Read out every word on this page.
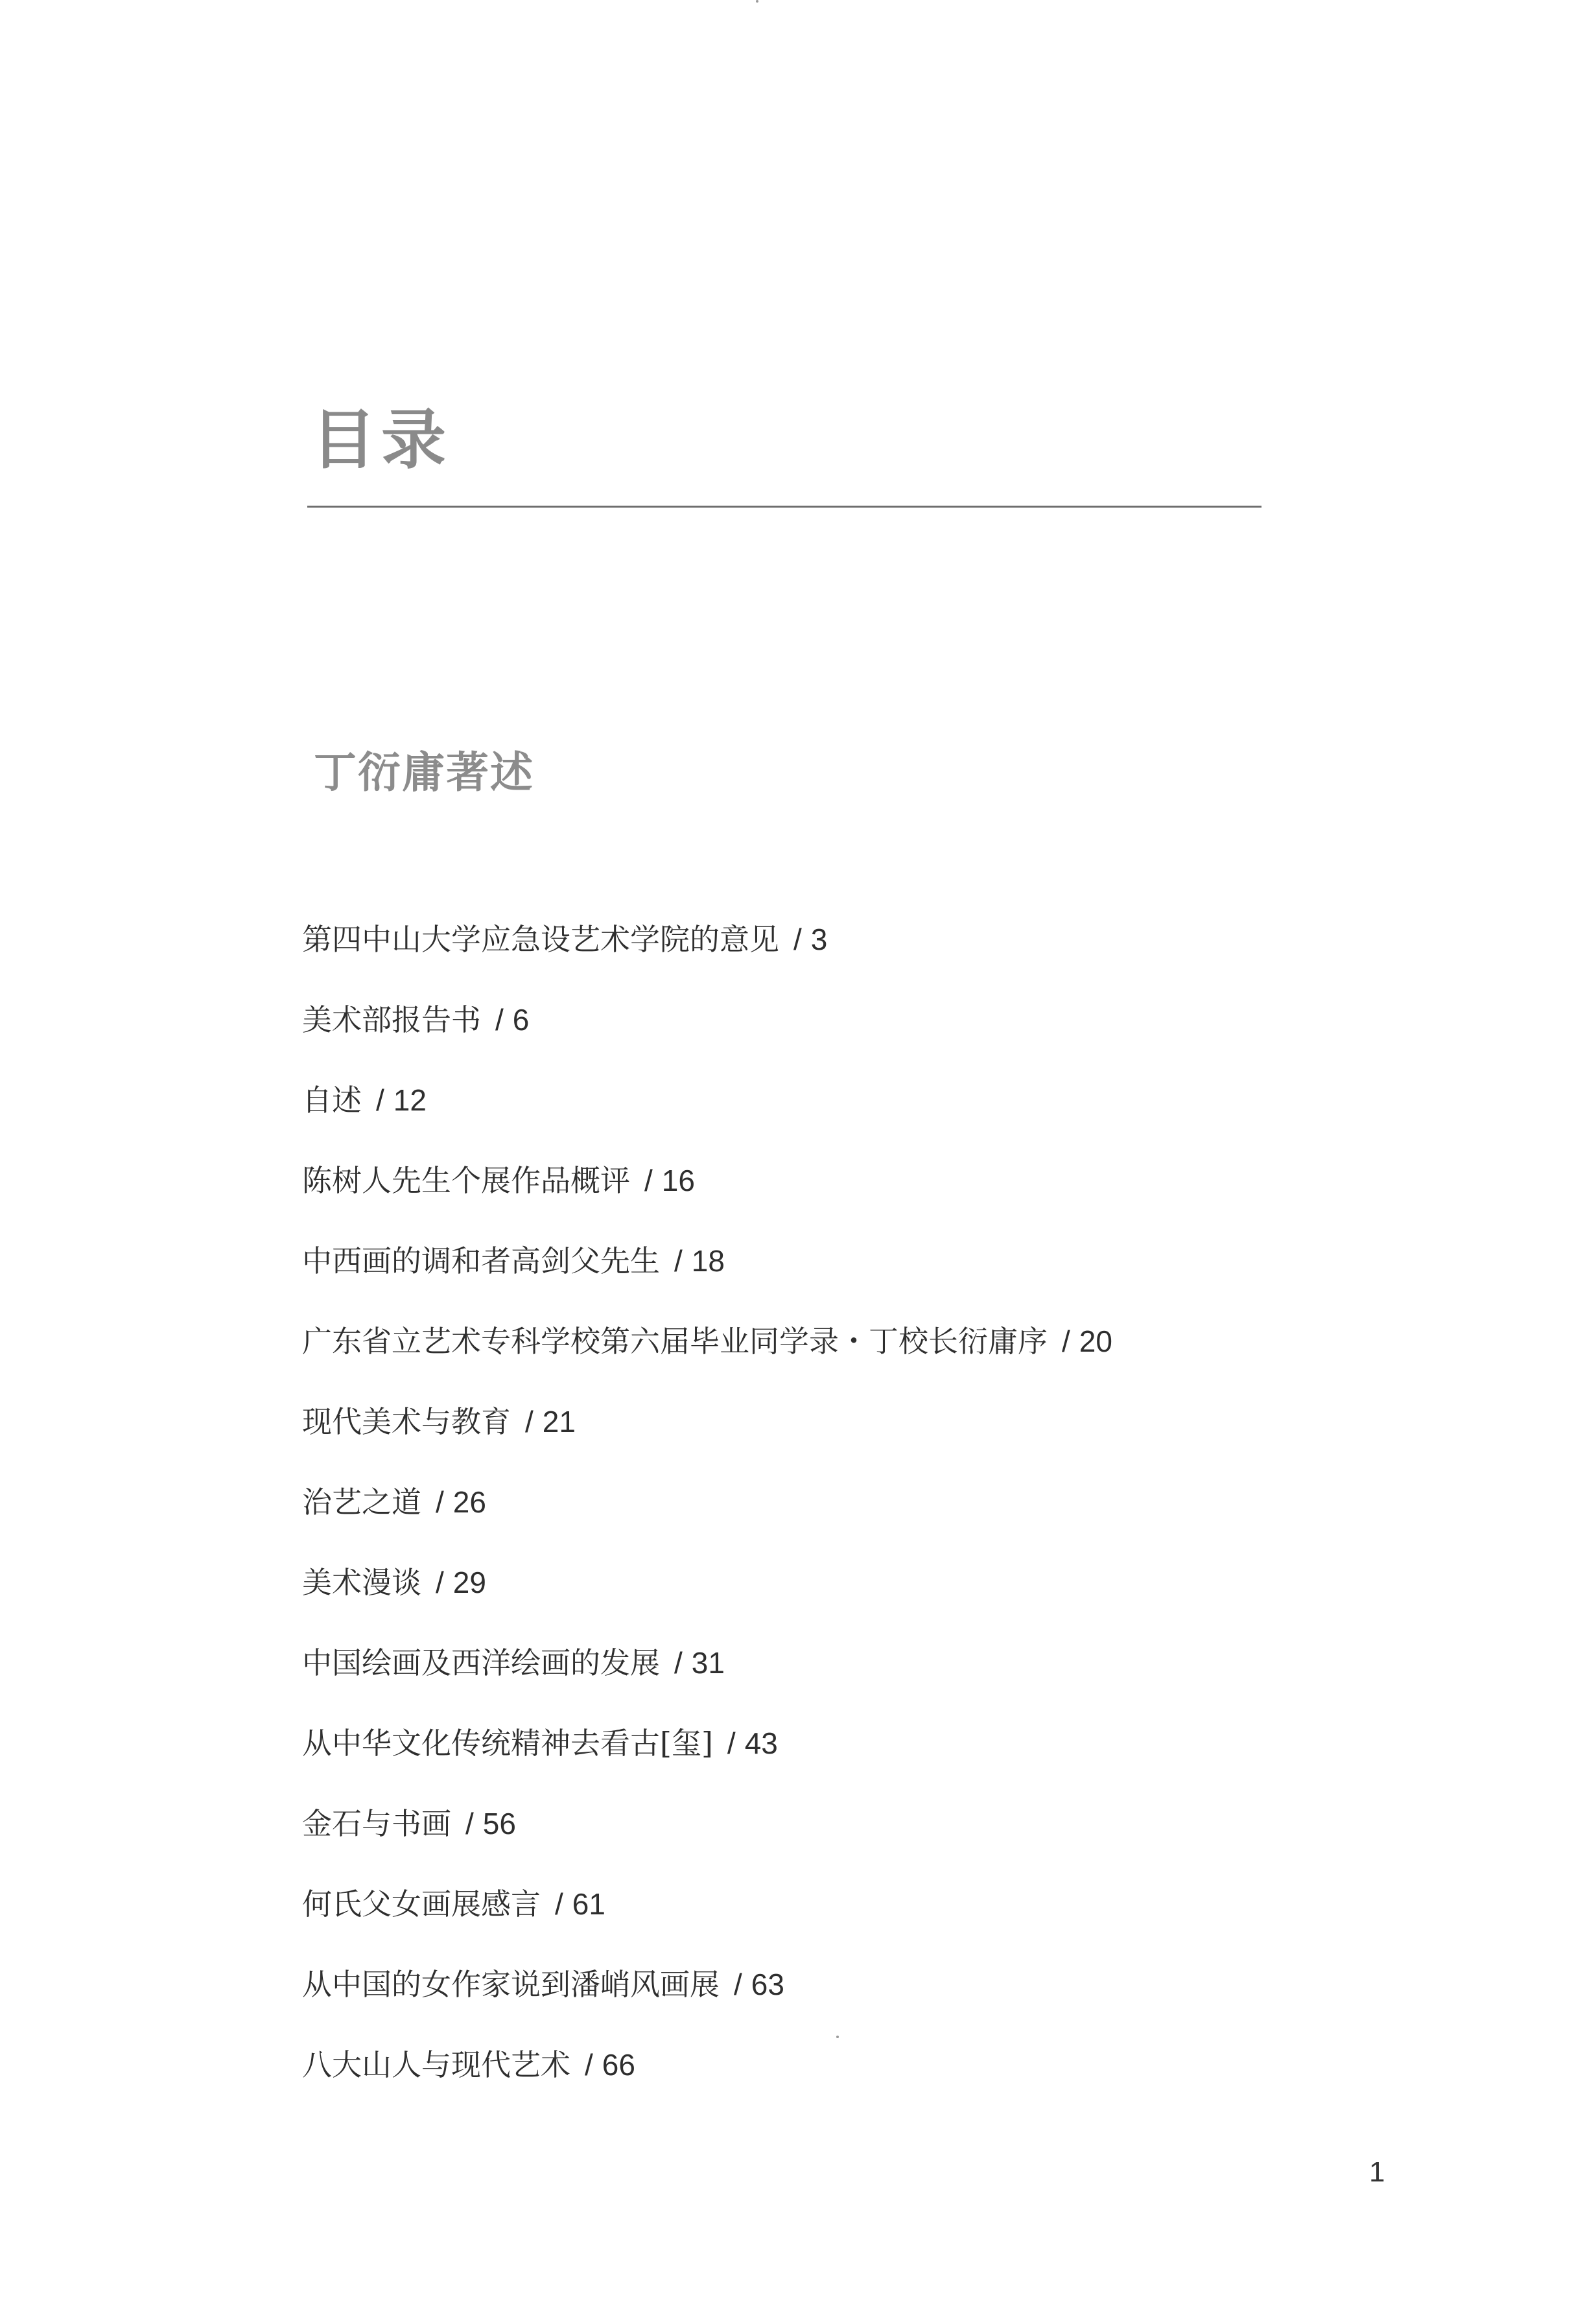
目录
丁衍庸著述
第四中山大学应急设艺术学院的意见 / 3
美术部报告书 / 6
自述 / 12
陈树人先生个展作品概评 / 16
中西画的调和者高剑父先生 / 18
广东省立艺术专科学校第六届毕业同学录・丁校长衍庸序 / 20
现代美术与教育 / 21
治艺之道 / 26
美术漫谈 / 29
中国绘画及西洋绘画的发展 / 31
从中华文化传统精神去看古[玺] / 43
金石与书画 / 56
何氏父女画展感言 / 61
从中国的女作家说到潘峭风画展 / 63
八大山人与现代艺术 / 66
1
